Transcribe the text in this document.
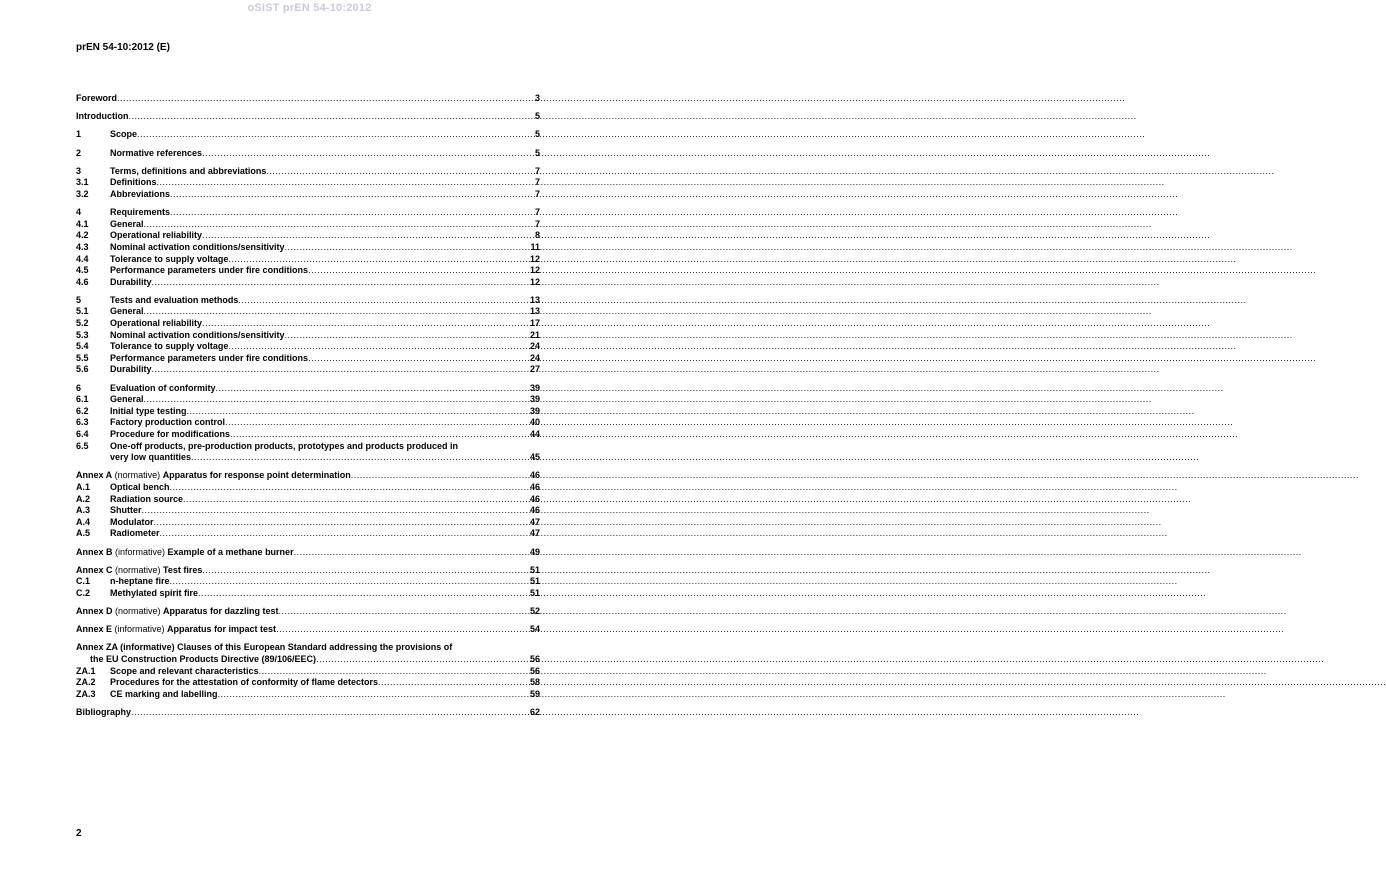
oSIST prEN 54-10:2012
prEN 54-10:2012 (E)
Foreword .....	3
Introduction .....	5
1	Scope .....	5
2	Normative references .....	5
3	Terms, definitions and abbreviations .....	7
3.1	Definitions .....	7
3.2	Abbreviations .....	7
4	Requirements .....	7
4.1	General .....	7
4.2	Operational reliability .....	8
4.3	Nominal activation conditions/sensitivity .....	11
4.4	Tolerance to supply voltage .....	12
4.5	Performance parameters under fire conditions .....	12
4.6	Durability .....	12
5	Tests and evaluation methods .....	13
5.1	General .....	13
5.2	Operational reliability .....	17
5.3	Nominal activation conditions/sensitivity .....	21
5.4	Tolerance to supply voltage .....	24
5.5	Performance parameters under fire conditions .....	24
5.6	Durability .....	27
6	Evaluation of conformity .....	39
6.1	General .....	39
6.2	Initial type testing .....	39
6.3	Factory production control .....	40
6.4	Procedure for modifications .....	44
6.5	One-off products, pre-production products, prototypes and products produced in
very low quantities .....	45
Annex A (normative) Apparatus for response point determination .....	46
A.1	Optical bench .....	46
A.2	Radiation source .....	46
A.3	Shutter .....	46
A.4	Modulator .....	47
A.5	Radiometer .....	47
Annex B (informative) Example of a methane burner .....	49
Annex C (normative) Test fires .....	51
C.1	n-heptane fire .....	51
C.2	Methylated spirit fire .....	51
Annex D (normative) Apparatus for dazzling test .....	52
Annex E (informative) Apparatus for impact test .....	54
Annex ZA (informative) Clauses of this European Standard addressing the provisions of
the EU Construction Products Directive (89/106/EEC) .....	56
ZA.1	Scope and relevant characteristics .....	56
ZA.2	Procedures for the attestation of conformity of flame detectors .....	58
ZA.3	CE marking and labelling .....	59
Bibliography .....	62
2
